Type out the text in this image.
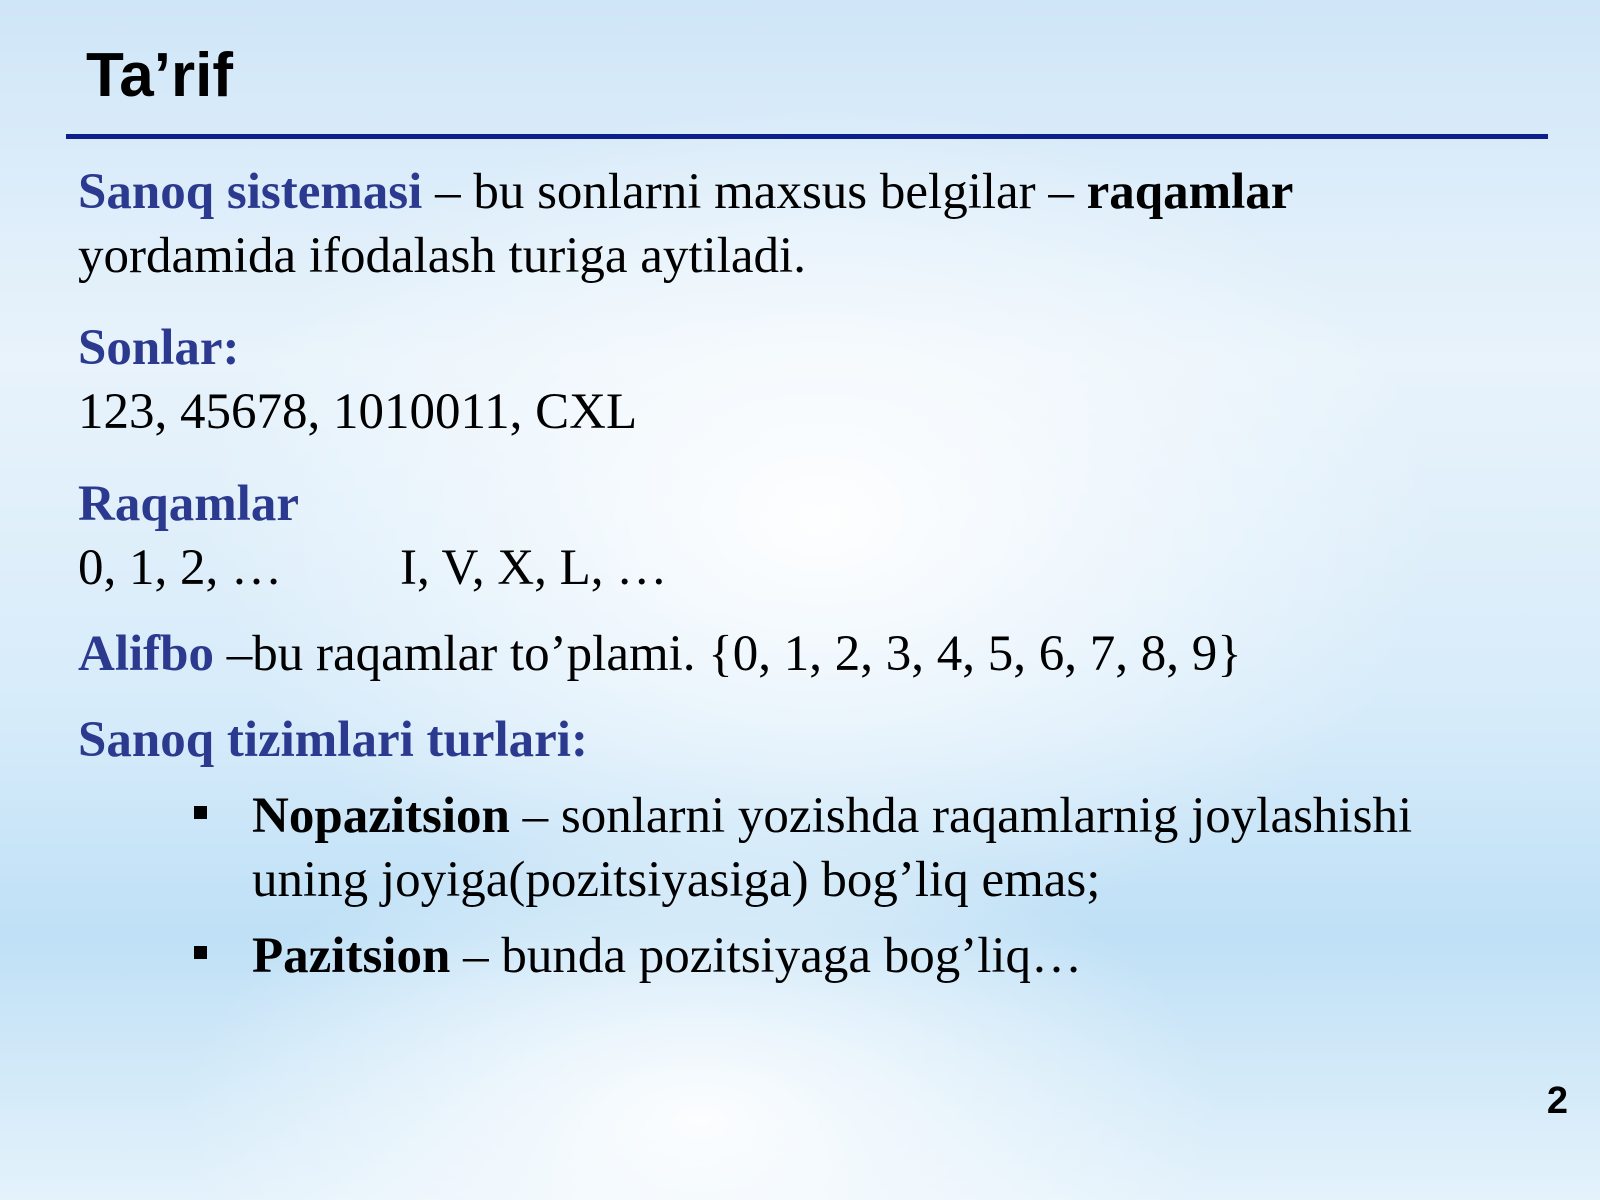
Ta’rif

Sanoq sistemasi – bu sonlarni maxsus belgilar – raqamlar
yordamida ifodalash turiga aytiladi.

Sonlar:
123, 45678, 1010011, CXL

Raqamlar
0, 1, 2, … I, V, X, L, …

Alifbo –bu raqamlar to’plami. {0, 1, 2, 3, 4, 5, 6, 7, 8, 9}

Sanoq tizimlari turlari:

Nopazitsion – sonlarni yozishda raqamlarnig joylashishi uning joyiga(pozitsiyasiga) bog’liq emas;
Pazitsion – bunda pozitsiyaga bog’liq…
2
